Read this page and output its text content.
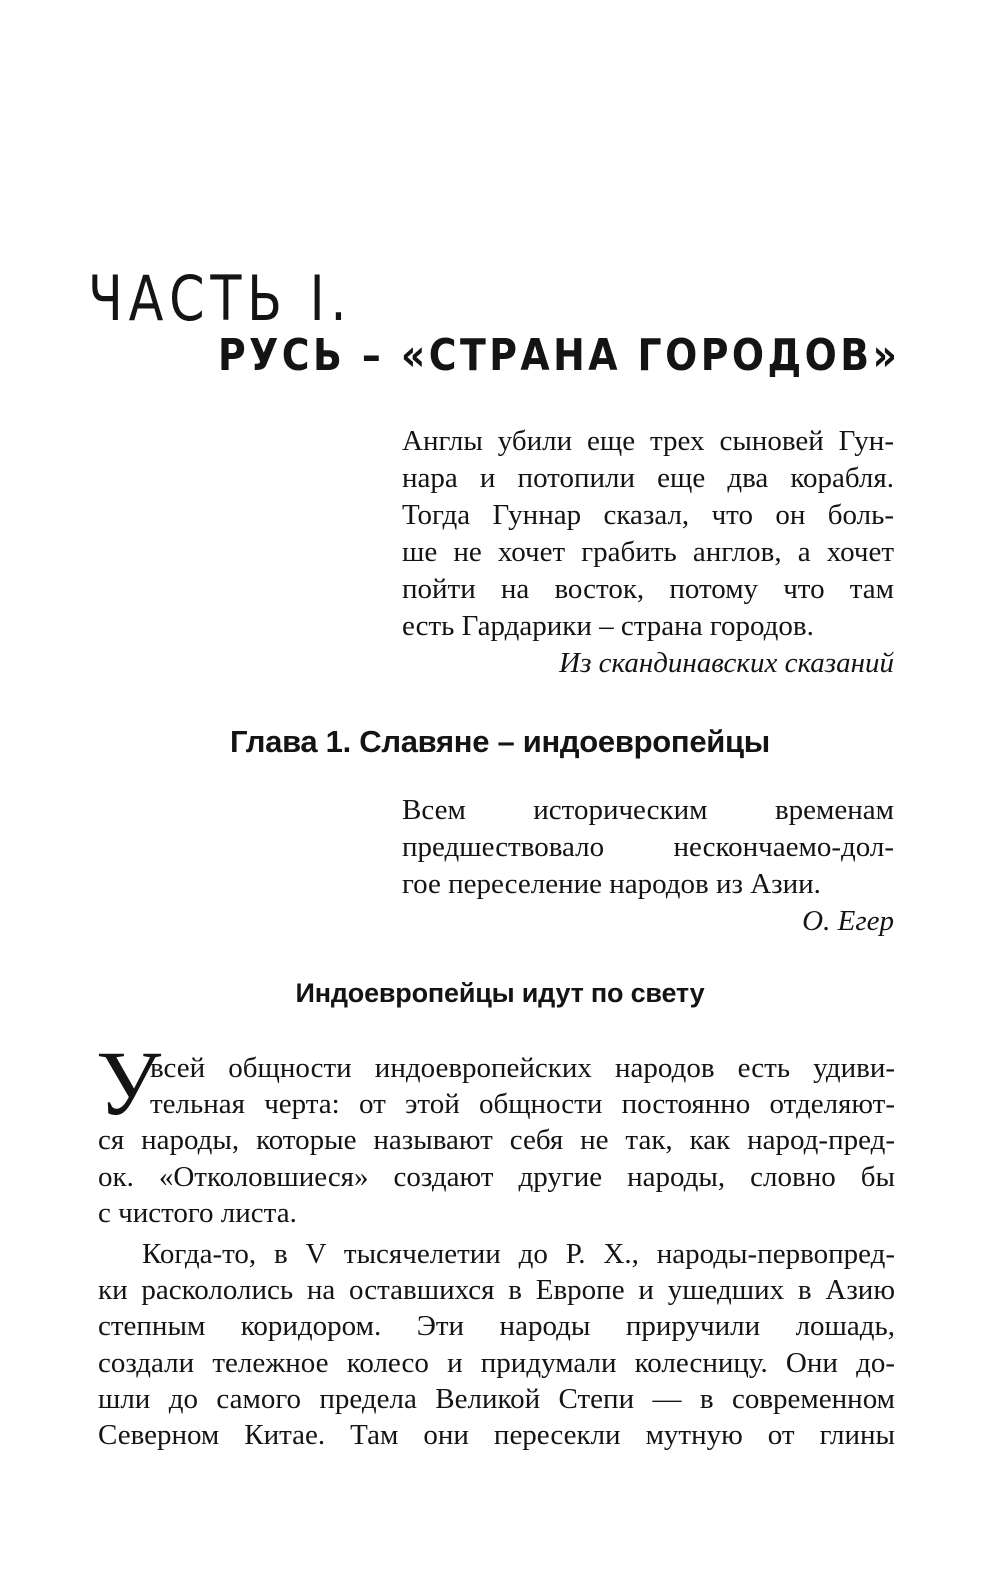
ЧАСТЬ I.
РУСЬ – «СТРАНА ГОРОДОВ»
Англы убили еще трех сыновей Гун-
нара и потопили еще два корабля.
Тогда Гуннар сказал, что он боль-
ше не хочет грабить англов, а хочет
пойти на восток, потому что там
есть Гардарики – страна городов.
Из скандинавских сказаний
Глава 1. Славяне – индоевропейцы
Всем историческим временам
предшествовало нескончаемо-дол-
гое переселение народов из Азии.
О. Егер
Индоевропейцы идут по свету
У
всей общности индоевропейских народов есть удиви-
тельная черта: от этой общности постоянно отделяют-
ся народы, которые называют себя не так, как народ-пред-
ок. «Отколовшиеся» создают другие народы, словно бы
с чистого листа.
Когда-то, в V тысячелетии до Р. Х., народы-первопред-
ки раскололись на оставшихся в Европе и ушедших в Азию
степным коридором. Эти народы приручили лошадь,
создали тележное колесо и придумали колесницу. Они до-
шли до самого предела Великой Степи — в современном
Северном Китае. Там они пересекли мутную от глины
